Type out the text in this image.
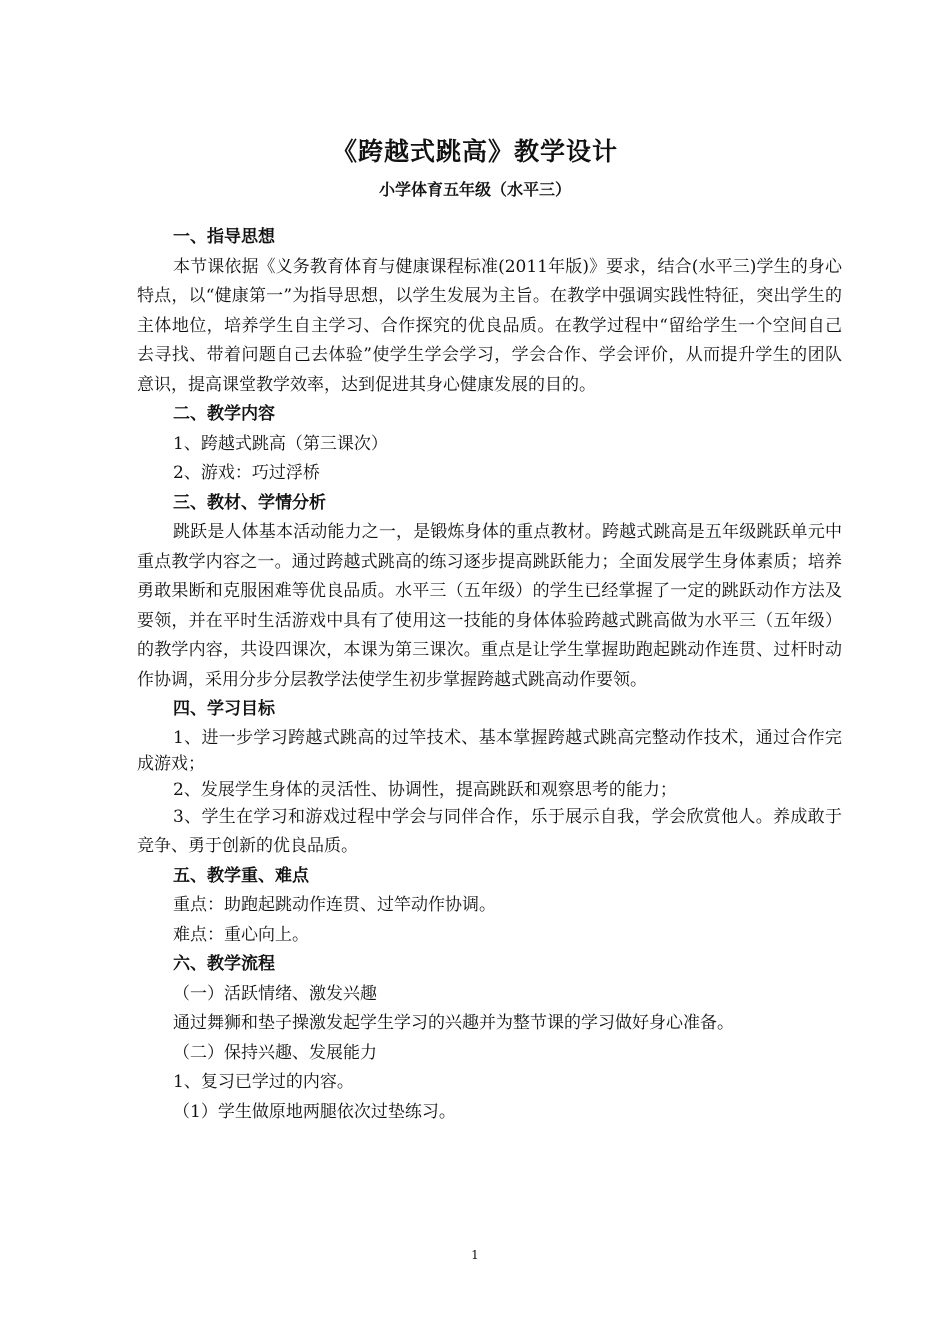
《跨越式跳高》教学设计
小学体育五年级（水平三）

一、指导思想

本节课依据《义务教育体育与健康课程标准(2011年版)》要求，结合(水平三)学生的身心特点，以“健康第一”为指导思想，以学生发展为主旨。在教学中强调实践性特征，突出学生的主体地位，培养学生自主学习、合作探究的优良品质。在教学过程中“留给学生一个空间自己去寻找、带着问题自己去体验”使学生学会学习，学会合作、学会评价，从而提升学生的团队意识，提高课堂教学效率，达到促进其身心健康发展的目的。

二、教学内容

1、跨越式跳高（第三课次）

2、游戏：巧过浮桥

三、教材、学情分析

跳跃是人体基本活动能力之一，是锻炼身体的重点教材。跨越式跳高是五年级跳跃单元中重点教学内容之一。通过跨越式跳高的练习逐步提高跳跃能力；全面发展学生身体素质；培养勇敢果断和克服困难等优良品质。水平三（五年级）的学生已经掌握了一定的跳跃动作方法及要领，并在平时生活游戏中具有了使用这一技能的身体体验跨越式跳高做为水平三（五年级）的教学内容，共设四课次，本课为第三课次。重点是让学生掌握助跑起跳动作连贯、过杆时动作协调，采用分步分层教学法使学生初步掌握跨越式跳高动作要领。

四、学习目标

1、进一步学习跨越式跳高的过竿技术、基本掌握跨越式跳高完整动作技术，通过合作完成游戏；

2、发展学生身体的灵活性、协调性，提高跳跃和观察思考的能力；

3、学生在学习和游戏过程中学会与同伴合作，乐于展示自我，学会欣赏他人。养成敢于竞争、勇于创新的优良品质。

五、教学重、难点

重点：助跑起跳动作连贯、过竿动作协调。

难点：重心向上。

六、教学流程

（一）活跃情绪、激发兴趣

通过舞狮和垫子操激发起学生学习的兴趣并为整节课的学习做好身心准备。

（二）保持兴趣、发展能力

1、复习已学过的内容。

（1）学生做原地两腿依次过垫练习。

1
